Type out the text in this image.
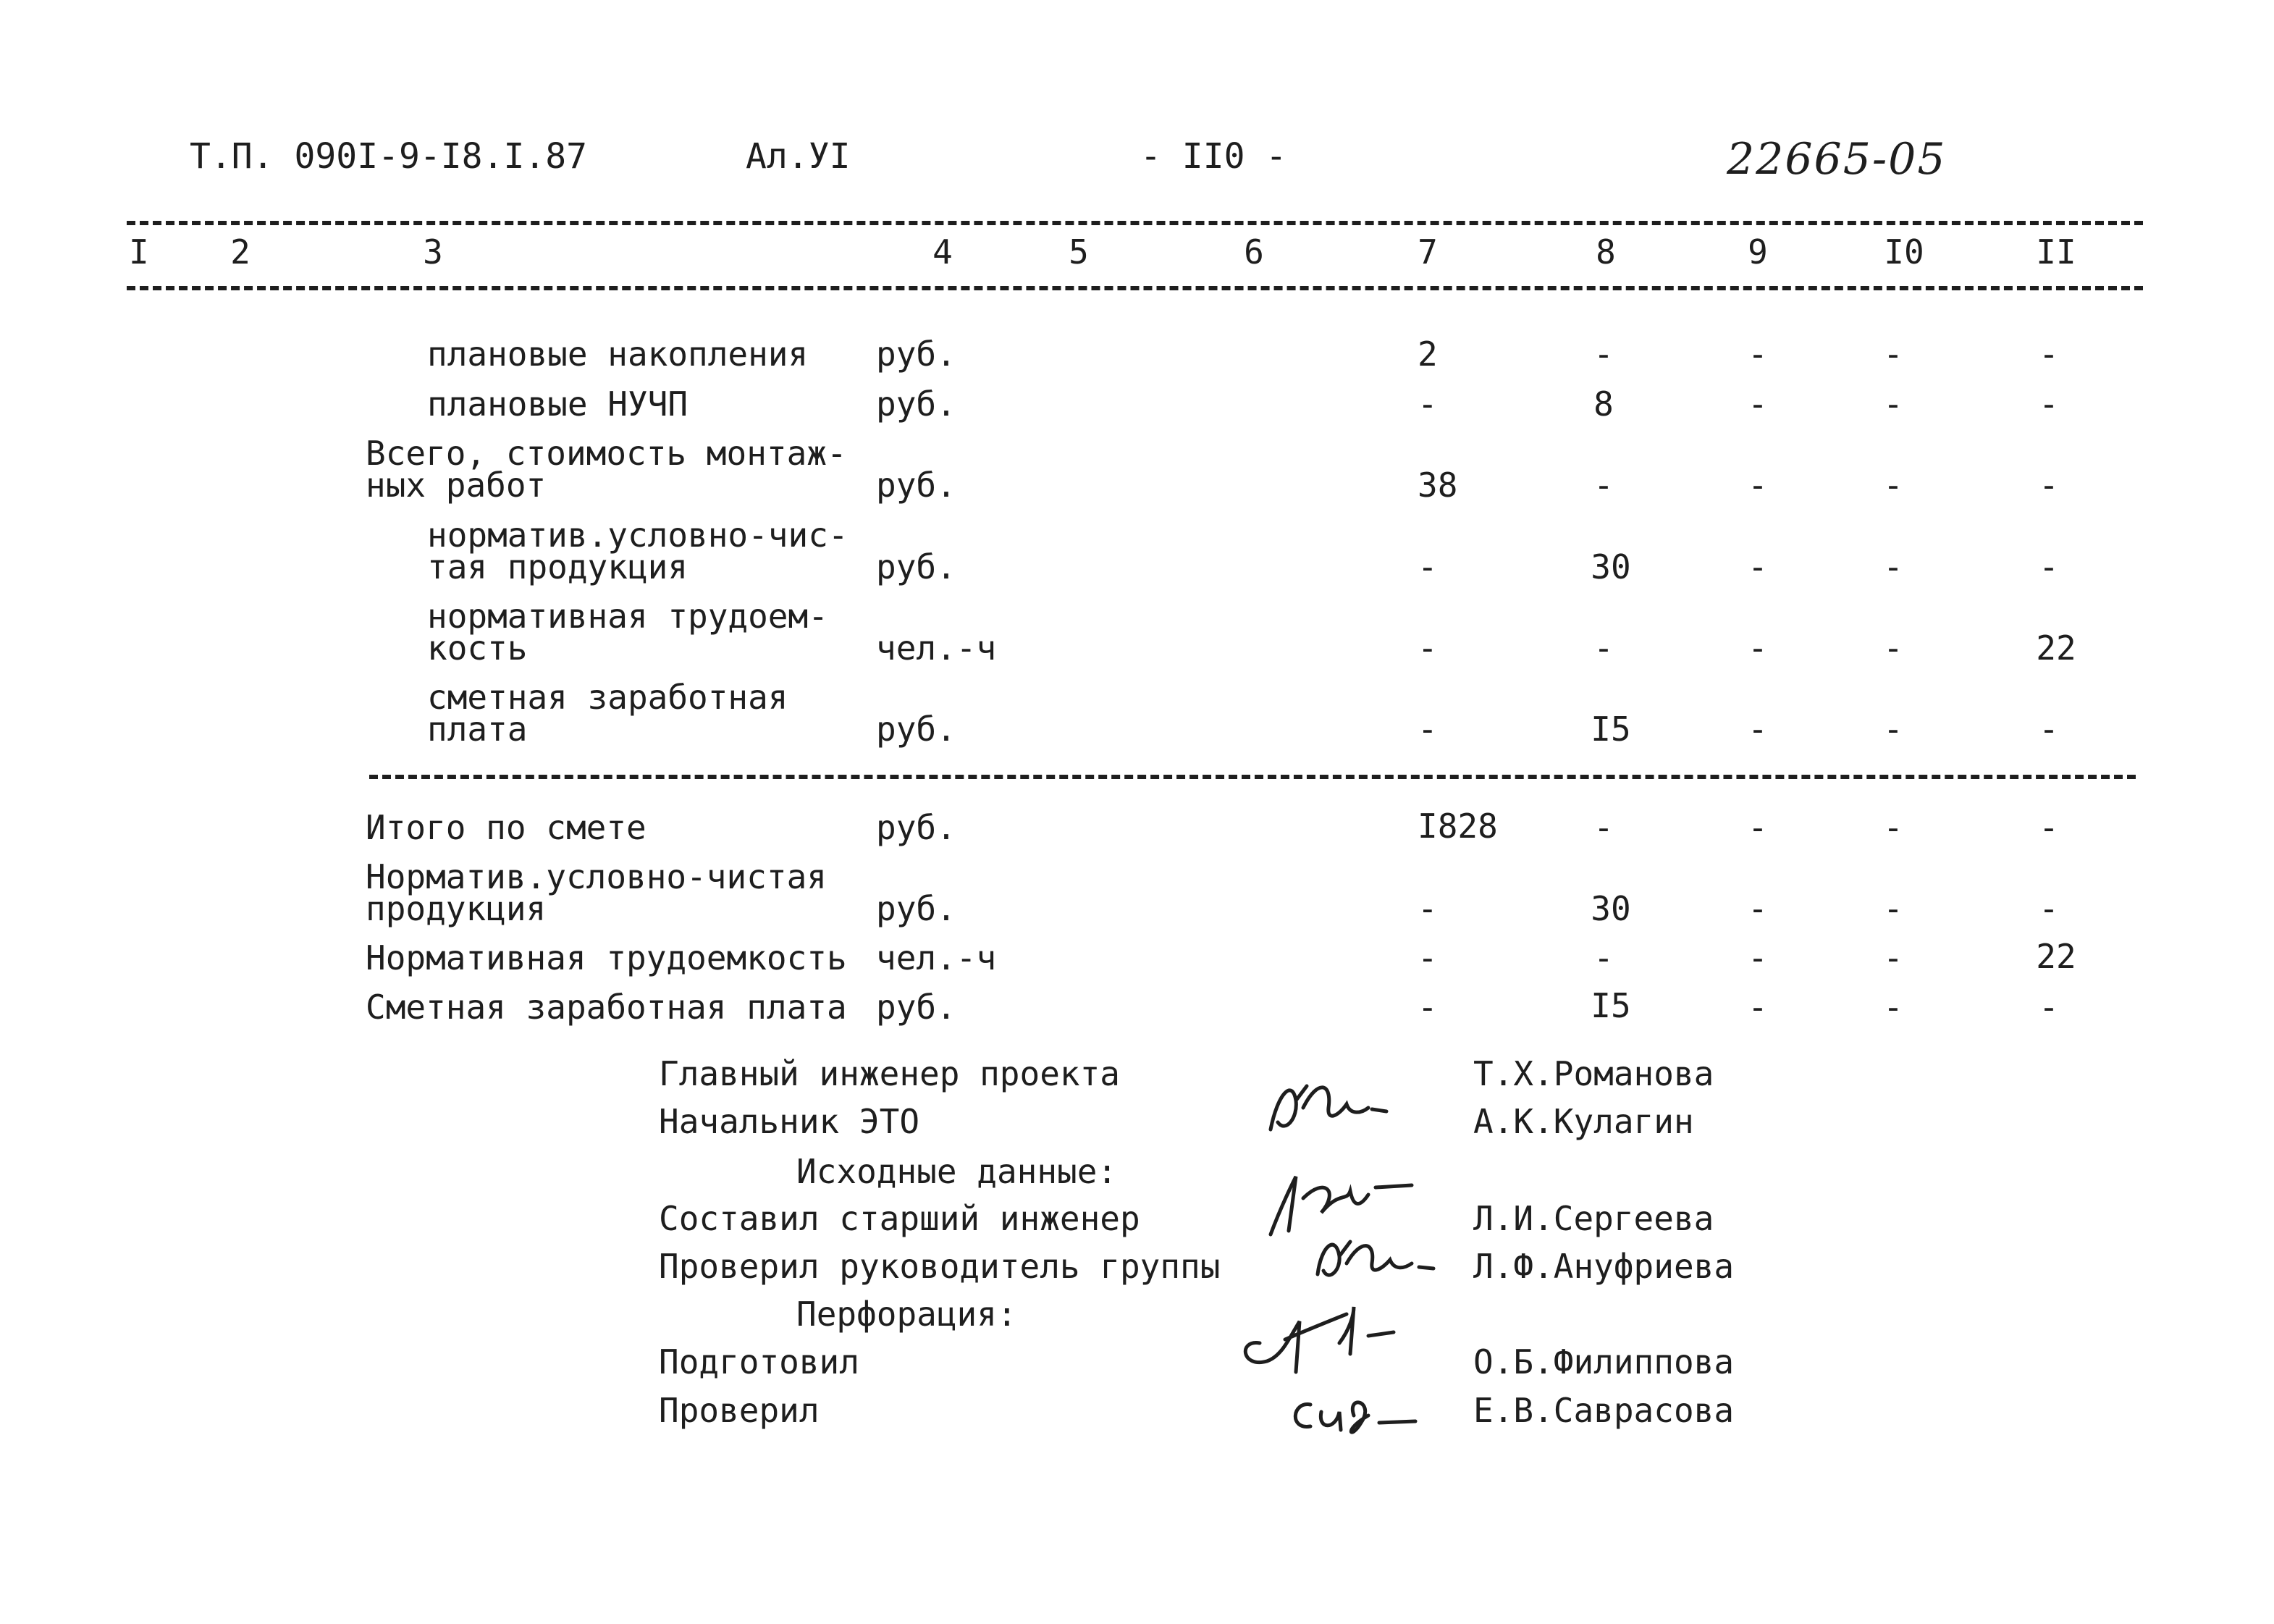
Т.П. 090I-9-I8.I.87	Ал.УI	- II0 -	22665-05
I 2	3	4	5	6	7	8	9	I0	II
плановые накопления руб.	2	-	-	-	-
плановые НУЧП	руб.	-	8	-	-	-
Всего, стоимость монтаж-
ных работ	руб.	38	-	-	-	-
норматив.условно-чис-
тая продукция	руб.	-	30	-	-	-
нормативная трудоем-
кость	чел.-ч	-	-	-	-	22
сметная заработная
плата	руб.	-	I5	-	-	-
Итого по смете	руб.	I828	-	-	-	-
Норматив.условно-чистая
продукция	руб.	-	30	-	-	-
Нормативная трудоемкость чел.-ч	-	-	-	-	22
Сметная заработная плата руб.	-	I5	-	-	-
Главный инженер проекта	Т.Х.Романова
Начальник ЭТО	А.К.Кулагин
Исходные данные:
Составил старший инженер	Л.И.Сергеева
Проверил руководитель группы	Л.Ф.Ануфриева
Перфорация:
Подготовил	О.Б.Филиппова
Проверил	Е.В.Саврасова
